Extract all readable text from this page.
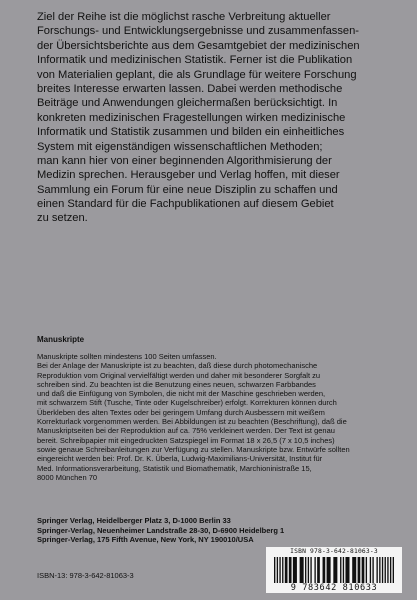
Ziel der Reihe ist die möglichst rasche Verbreitung aktueller
Forschungs- und Entwicklungsergebnisse und zusammenfassen-
der Übersichtsberichte aus dem Gesamtgebiet der medizinischen
Informatik und medizinischen Statistik. Ferner ist die Publikation
von Materialien geplant, die als Grundlage für weitere Forschung
breites Interesse erwarten lassen. Dabei werden methodische
Beiträge und Anwendungen gleichermaßen berücksichtigt. In
konkreten medizinischen Fragestellungen wirken medizinische
Informatik und Statistik zusammen und bilden ein einheitliches
System mit eigenständigen wissenschaftlichen Methoden;
man kann hier von einer beginnenden Algorithmisierung der
Medizin sprechen. Herausgeber und Verlag hoffen, mit dieser
Sammlung ein Forum für eine neue Disziplin zu schaffen und
einen Standard für die Fachpublikationen auf diesem Gebiet
zu setzen.
Manuskripte
Manuskripte sollten mindestens 100 Seiten umfassen.
Bei der Anlage der Manuskripte ist zu beachten, daß diese durch photomechanische
Reproduktion vom Original vervielfältigt werden und daher mit besonderer Sorgfalt zu
schreiben sind. Zu beachten ist die Benutzung eines neuen, schwarzen Farbbandes
und daß die Einfügung von Symbolen, die nicht mit der Maschine geschrieben werden,
mit schwarzem Stift (Tusche, Tinte oder Kugelschreiber) erfolgt. Korrekturen können durch
Überkleben des alten Textes oder bei geringem Umfang durch Ausbessern mit weißem
Korrekturlack vorgenommen werden. Bei Abbildungen ist zu beachten (Beschriftung), daß die
Manuskriptseiten bei der Reproduktion auf ca. 75% verkleinert werden. Der Text ist genau
bereit. Schreibpapier mit eingedruckten Satzspiegel im Format 18 x 26,5 (7 x 10,5 inches)
sowie genaue Schreibanleitungen zur Verfügung zu stellen. Manuskripte bzw. Entwürfe sollten
eingereicht werden bei: Prof. Dr. K. Überla, Ludwig-Maximilians-Universität, Institut für
Med. Informationsverarbeitung, Statistik und Biomathematik, Marchioninistraße 15,
8000 München 70
Springer Verlag, Heidelberger Platz 3, D-1000 Berlin 33
Springer-Verlag, Neuenheimer Landstraße 28-30, D-6900 Heidelberg 1
Springer-Verlag, 175 Fifth Avenue, New York, NY 190010/USA
ISBN 978-3-642-81063-3
9 783642 810633
ISBN-13: 978-3-642-81063-3
